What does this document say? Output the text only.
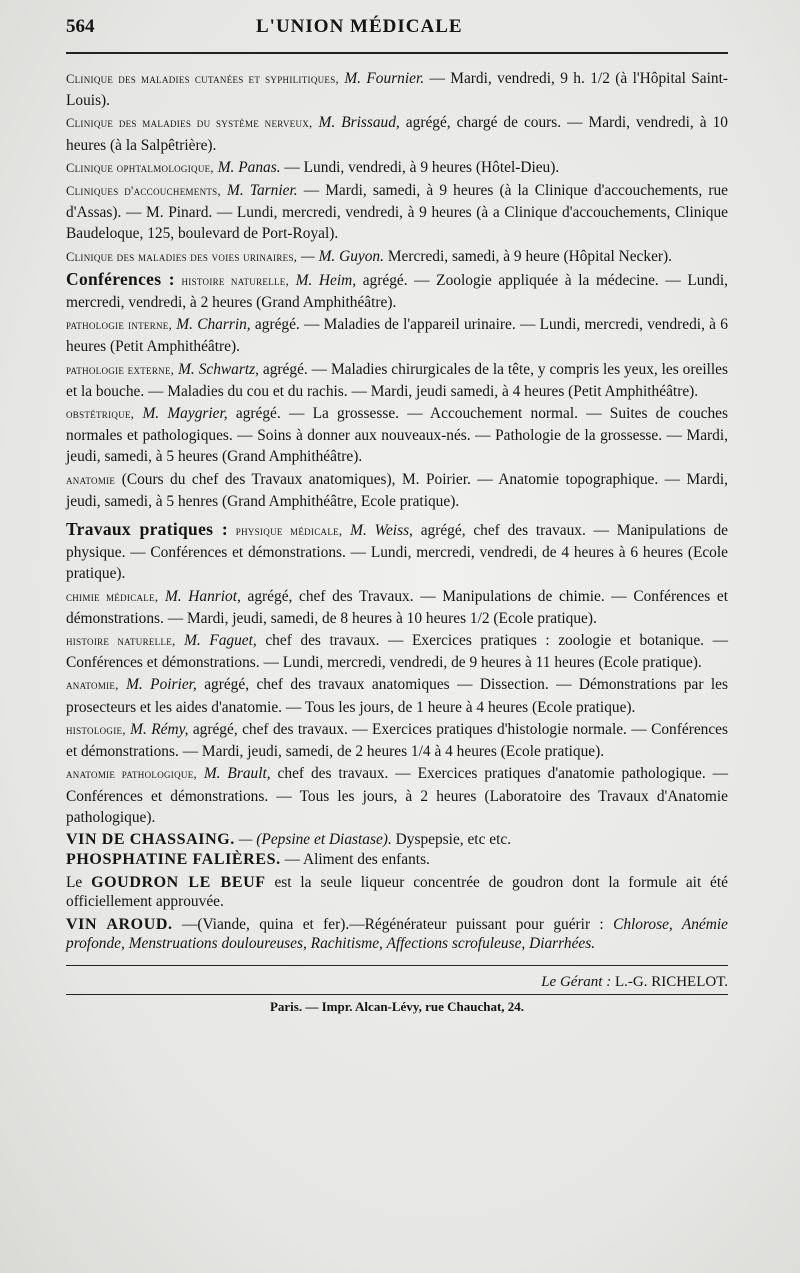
564	L'UNION MÉDICALE

Clinique des maladies cutanées et syphilitiques, M. Fournier. — Mardi, vendredi, 9 h. 1/2 (à l'Hôpital Saint-Louis).

Clinique des maladies du système nerveux, M. Brissaud, agrégé, chargé de cours. — Mardi, vendredi, à 10 heures (à la Salpêtrière).

Clinique ophtalmologique, M. Panas. — Lundi, vendredi, à 9 heures (Hôtel-Dieu).

Cliniques d'accouchements, M. Tarnier. — Mardi, samedi, à 9 heures (à la Clinique d'accouchements, rue d'Assas). — M. Pinard. — Lundi, mercredi, vendredi, à 9 heures (à a Clinique d'accouchements, Clinique Baudeloque, 125, boulevard de Port-Royal).

Clinique des maladies des voies urinaires, — M. Guyon. Mercredi, samedi, à 9 heure (Hôpital Necker).

Conférences : histoire naturelle, M. Heim, agrégé. — Zoologie appliquée à la médecine. — Lundi, mercredi, vendredi, à 2 heures (Grand Amphithéâtre).

pathologie interne, M. Charrin, agrégé. — Maladies de l'appareil urinaire. — Lundi, mercredi, vendredi, à 6 heures (Petit Amphithéâtre).

pathologie externe, M. Schwartz, agrégé. — Maladies chirurgicales de la tête, y compris les yeux, les oreilles et la bouche. — Maladies du cou et du rachis. — Mardi, jeudi samedi, à 4 heures (Petit Amphithéâtre).

obstétrique, M. Maygrier, agrégé. — La grossesse. — Accouchement normal. — Suites de couches normales et pathologiques. — Soins à donner aux nouveaux-nés. — Pathologie de la grossesse. — Mardi, jeudi, samedi, à 5 heures (Grand Amphithéâtre).

anatomie (Cours du chef des Travaux anatomiques), M. Poirier. — Anatomie topographique. — Mardi, jeudi, samedi, à 5 henres (Grand Amphithéâtre, Ecole pratique).

Travaux pratiques : physique médicale, M. Weiss, agrégé, chef des travaux. — Manipulations de physique. — Conférences et démonstrations. — Lundi, mercredi, vendredi, de 4 heures à 6 heures (Ecole pratique).

chimie médicale, M. Hanriot, agrégé, chef des Travaux. — Manipulations de chimie. — Conférences et démonstrations. — Mardi, jeudi, samedi, de 8 heures à 10 heures 1/2 (Ecole pratique).

histoire naturelle, M. Faguet, chef des travaux. — Exercices pratiques : zoologie et botanique. — Conférences et démonstrations. — Lundi, mercredi, vendredi, de 9 heures à 11 heures (Ecole pratique).

anatomie, M. Poirier, agrégé, chef des travaux anatomiques — Dissection. — Démonstrations par les prosecteurs et les aides d'anatomie. — Tous les jours, de 1 heure à 4 heures (Ecole pratique).

histologie, M. Rémy, agrégé, chef des travaux. — Exercices pratiques d'histologie normale. — Conférences et démonstrations. — Mardi, jeudi, samedi, de 2 heures 1/4 à 4 heures (Ecole pratique).

anatomie pathologique, M. Brault, chef des travaux. — Exercices pratiques d'anatomie pathologique. — Conférences et démonstrations. — Tous les jours, à 2 heures (Laboratoire des Travaux d'Anatomie pathologique).

VIN DE CHASSAING. — (Pepsine et Diastase). Dyspepsie, etc etc.

PHOSPHATINE FALIÈRES. — Aliment des enfants.

Le GOUDRON LE BEUF est la seule liqueur concentrée de goudron dont la formule ait été officiellement approuvée.

VIN AROUD. —(Viande, quina et fer).—Régénérateur puissant pour guérir : Chlorose, Anémie profonde, Menstruations douloureuses, Rachitisme, Affections scrofuleuse, Diarrhées.

Le Gérant : L.-G. RICHELOT.
Paris. — Impr. Alcan-Lévy, rue Chauchat, 24.
